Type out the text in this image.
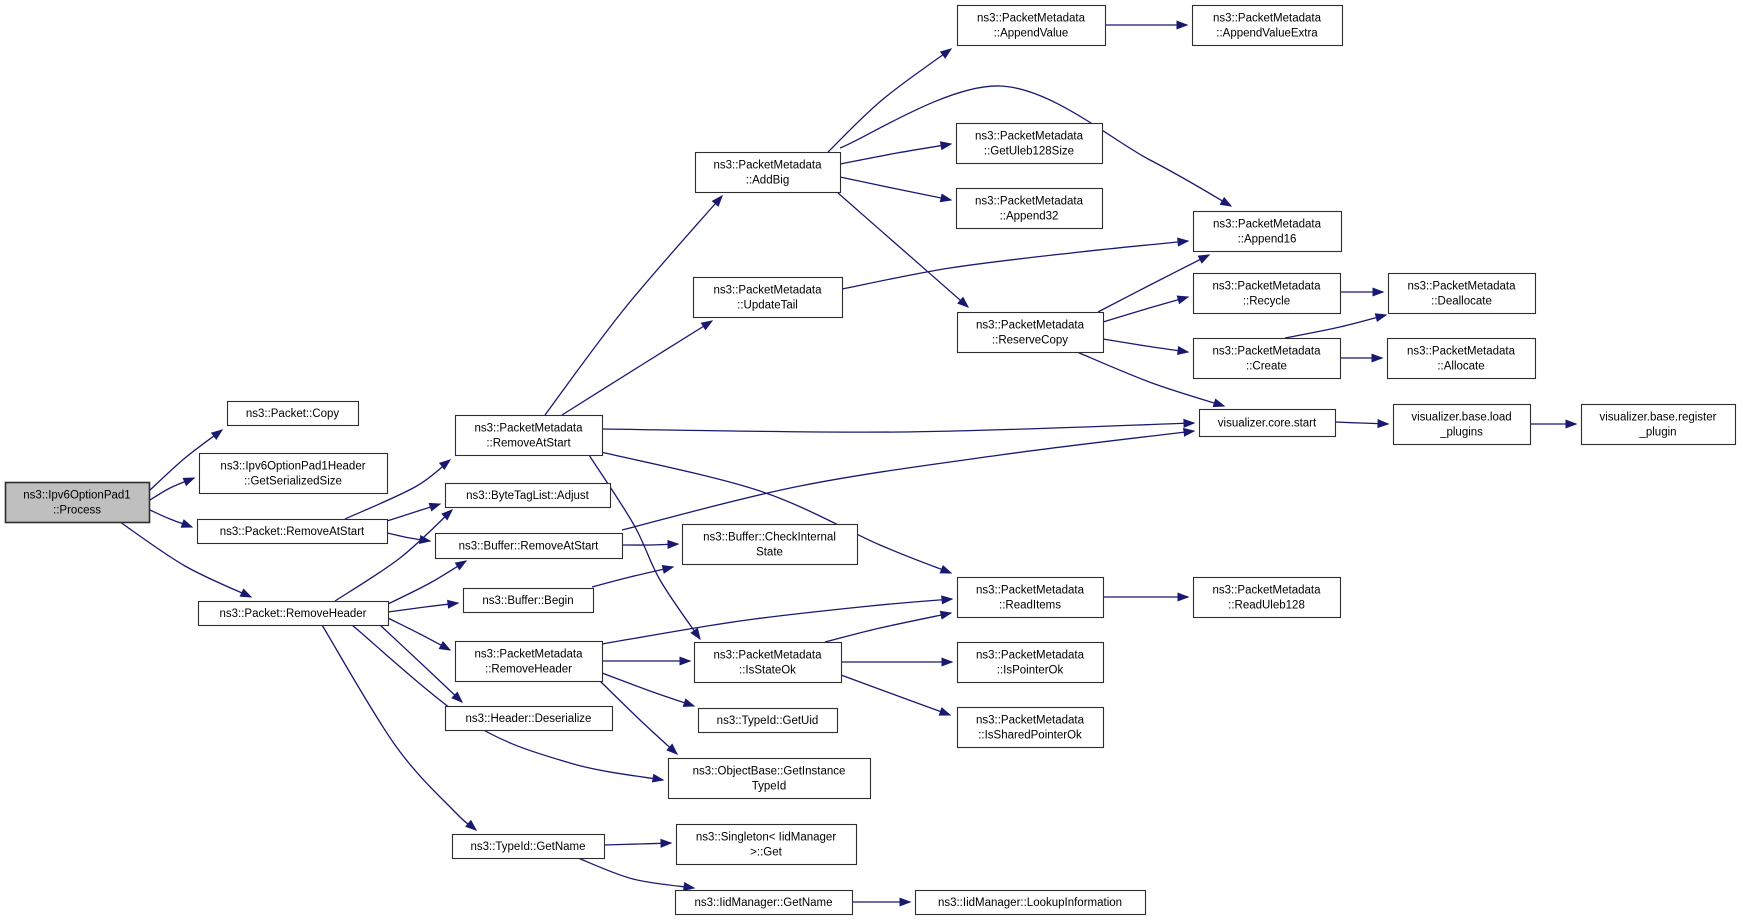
ns3::Ipv6OptionPad1 ::Process
ns3::Packet::Copy
ns3::Ipv6OptionPad1Header ::GetSerializedSize
ns3::Packet::RemoveAtStart
ns3::Packet::RemoveHeader
ns3::PacketMetadata ::RemoveAtStart
ns3::ByteTagList::Adjust
ns3::Buffer::RemoveAtStart
ns3::Buffer::Begin
ns3::PacketMetadata ::RemoveHeader
ns3::Header::Deserialize
ns3::ObjectBase::GetInstance TypeId
ns3::TypeId::GetName
ns3::Singleton< IidManager >::Get
ns3::IidManager::GetName	ns3::IidManager::LookupInformation
ns3::PacketMetadata ::AddBig
ns3::PacketMetadata ::UpdateTail
ns3::PacketMetadata ::AppendValue
ns3::PacketMetadata ::AppendValueExtra
ns3::PacketMetadata ::GetUleb128Size
ns3::PacketMetadata ::Append32
ns3::PacketMetadata ::Append16
ns3::PacketMetadata ::ReserveCopy
ns3::PacketMetadata ::Recycle
ns3::PacketMetadata ::Deallocate
ns3::PacketMetadata ::Create
ns3::PacketMetadata ::Allocate
visualizer.core.start	visualizer.base.load _plugins
visualizer.base.register _plugin
ns3::PacketMetadata ::ReadItems
ns3::PacketMetadata ::ReadUleb128
ns3::PacketMetadata ::IsStateOk
ns3::PacketMetadata ::IsPointerOk
ns3::PacketMetadata ::IsSharedPointerOk
ns3::TypeId::GetUid
ns3::Buffer::CheckInternal State
